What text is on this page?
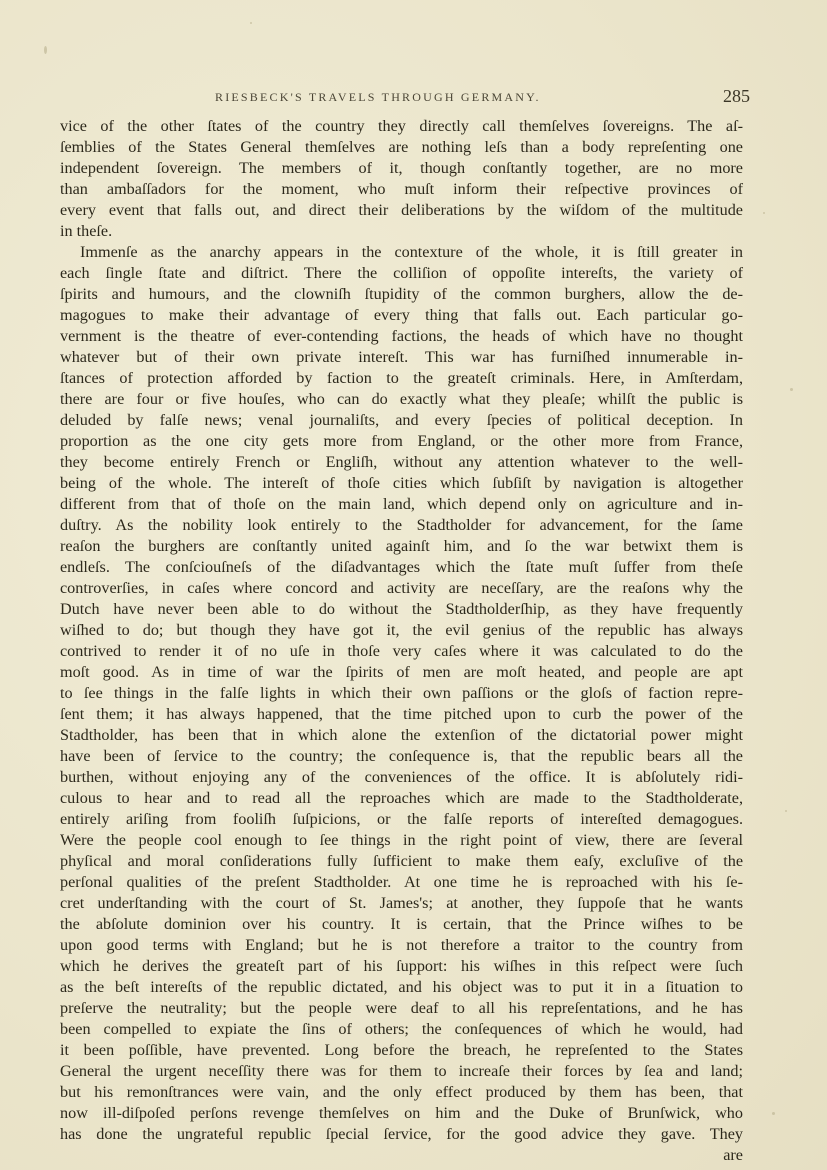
RIESBECK'S TRAVELS THROUGH GERMANY.	285
vice of the other ſtates of the country they directly call themſelves ſovereigns. The aſ-
ſemblies of the States General themſelves are nothing leſs than a body repreſenting one
independent ſovereign. The members of it, though conſtantly together, are no more
than ambaſſadors for the moment, who muſt inform their reſpective provinces of
every event that falls out, and direct their deliberations by the wiſdom of the multitude
in theſe.
Immenſe as the anarchy appears in the contexture of the whole, it is ſtill greater in
each ſingle ſtate and diſtrict. There the colliſion of oppoſite intereſts, the variety of
ſpirits and humours, and the clowniſh ſtupidity of the common burghers, allow the de-
magogues to make their advantage of every thing that falls out. Each particular go-
vernment is the theatre of ever-contending factions, the heads of which have no thought
whatever but of their own private intereſt. This war has furniſhed innumerable in-
ſtances of protection afforded by faction to the greateſt criminals. Here, in Amſterdam,
there are four or five houſes, who can do exactly what they pleaſe; whilſt the public is
deluded by falſe news; venal journaliſts, and every ſpecies of political deception. In
proportion as the one city gets more from England, or the other more from France,
they become entirely French or Engliſh, without any attention whatever to the well-
being of the whole. The intereſt of thoſe cities which ſubſiſt by navigation is altogether
different from that of thoſe on the main land, which depend only on agriculture and in-
duſtry. As the nobility look entirely to the Stadtholder for advancement, for the ſame
reaſon the burghers are conſtantly united againſt him, and ſo the war betwixt them is
endleſs. The conſciouſneſs of the diſadvantages which the ſtate muſt ſuffer from theſe
controverſies, in caſes where concord and activity are neceſſary, are the reaſons why the
Dutch have never been able to do without the Stadtholderſhip, as they have frequently
wiſhed to do; but though they have got it, the evil genius of the republic has always
contrived to render it of no uſe in thoſe very caſes where it was calculated to do the
moſt good. As in time of war the ſpirits of men are moſt heated, and people are apt
to ſee things in the falſe lights in which their own paſſions or the gloſs of faction repre-
ſent them; it has always happened, that the time pitched upon to curb the power of the
Stadtholder, has been that in which alone the extenſion of the dictatorial power might
have been of ſervice to the country; the conſequence is, that the republic bears all the
burthen, without enjoying any of the conveniences of the office. It is abſolutely ridi-
culous to hear and to read all the reproaches which are made to the Stadtholderate,
entirely ariſing from fooliſh ſuſpicions, or the falſe reports of intereſted demagogues.
Were the people cool enough to ſee things in the right point of view, there are ſeveral
phyſical and moral conſiderations fully ſufficient to make them eaſy, excluſive of the
perſonal qualities of the preſent Stadtholder. At one time he is reproached with his ſe-
cret underſtanding with the court of St. James's; at another, they ſuppoſe that he wants
the abſolute dominion over his country. It is certain, that the Prince wiſhes to be
upon good terms with England; but he is not therefore a traitor to the country from
which he derives the greateſt part of his ſupport: his wiſhes in this reſpect were ſuch
as the beſt intereſts of the republic dictated, and his object was to put it in a ſituation to
preſerve the neutrality; but the people were deaf to all his repreſentations, and he has
been compelled to expiate the ſins of others; the conſequences of which he would, had
it been poſſible, have prevented. Long before the breach, he repreſented to the States
General the urgent neceſſity there was for them to increaſe their forces by ſea and land;
but his remonſtrances were vain, and the only effect produced by them has been, that
now ill-diſpoſed perſons revenge themſelves on him and the Duke of Brunſwick, who
has done the ungrateful republic ſpecial ſervice, for the good advice they gave. They
are
